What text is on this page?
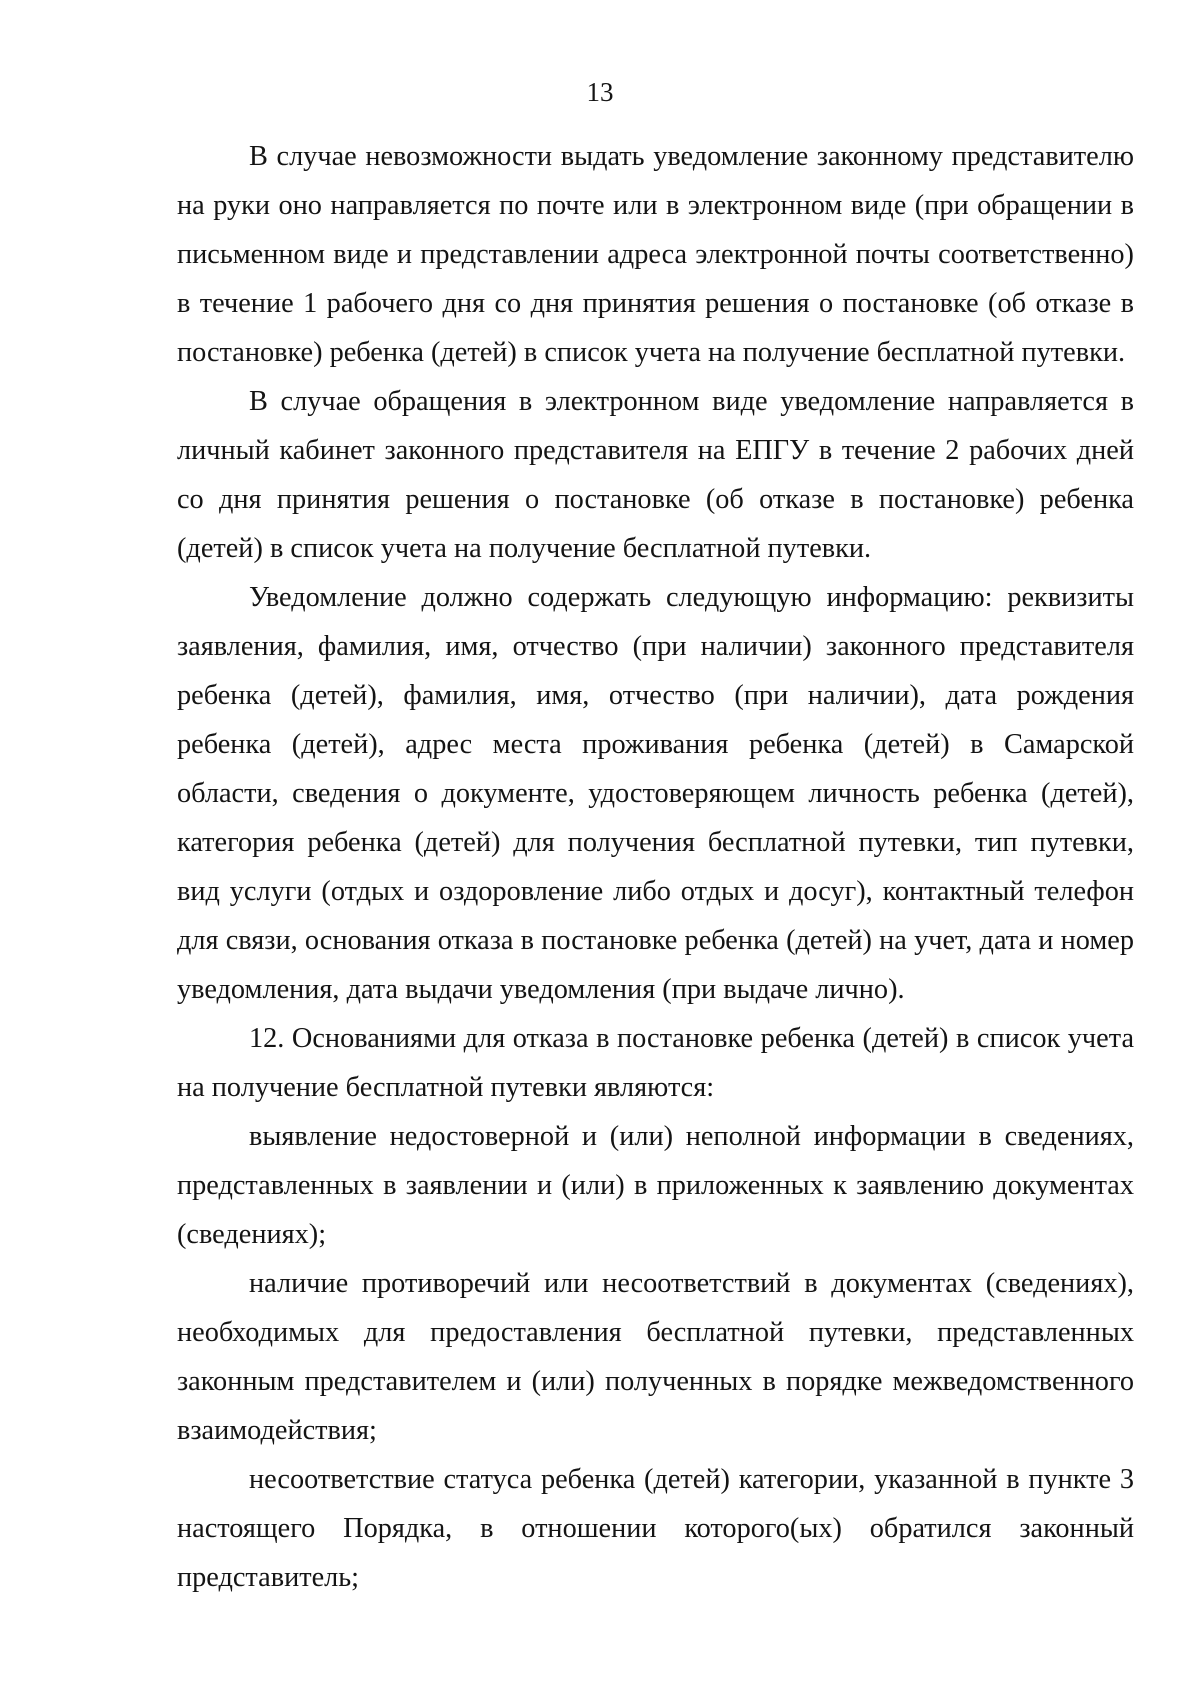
13

В случае невозможности выдать уведомление законному представителю на руки оно направляется по почте или в электронном виде (при обращении в письменном виде и представлении адреса электронной почты соответственно) в течение 1 рабочего дня со дня принятия решения о постановке (об отказе в постановке) ребенка (детей) в список учета на получение бесплатной путевки.

В случае обращения в электронном виде уведомление направляется в личный кабинет законного представителя на ЕПГУ в течение 2 рабочих дней со дня принятия решения о постановке (об отказе в постановке) ребенка (детей) в список учета на получение бесплатной путевки.

Уведомление должно содержать следующую информацию: реквизиты заявления, фамилия, имя, отчество (при наличии) законного представителя ребенка (детей), фамилия, имя, отчество (при наличии), дата рождения ребенка (детей), адрес места проживания ребенка (детей) в Самарской области, сведения о документе, удостоверяющем личность ребенка (детей), категория ребенка (детей) для получения бесплатной путевки, тип путевки, вид услуги (отдых и оздоровление либо отдых и досуг), контактный телефон для связи, основания отказа в постановке ребенка (детей) на учет, дата и номер уведомления, дата выдачи уведомления (при выдаче лично).

12. Основаниями для отказа в постановке ребенка (детей) в список учета на получение бесплатной путевки являются:

выявление недостоверной и (или) неполной информации в сведениях, представленных в заявлении и (или) в приложенных к заявлению документах (сведениях);

наличие противоречий или несоответствий в документах (сведениях), необходимых для предоставления бесплатной путевки, представленных законным представителем и (или) полученных в порядке межведомственного взаимодействия;

несоответствие статуса ребенка (детей) категории, указанной в пункте 3 настоящего Порядка, в отношении которого(ых) обратился законный представитель;
